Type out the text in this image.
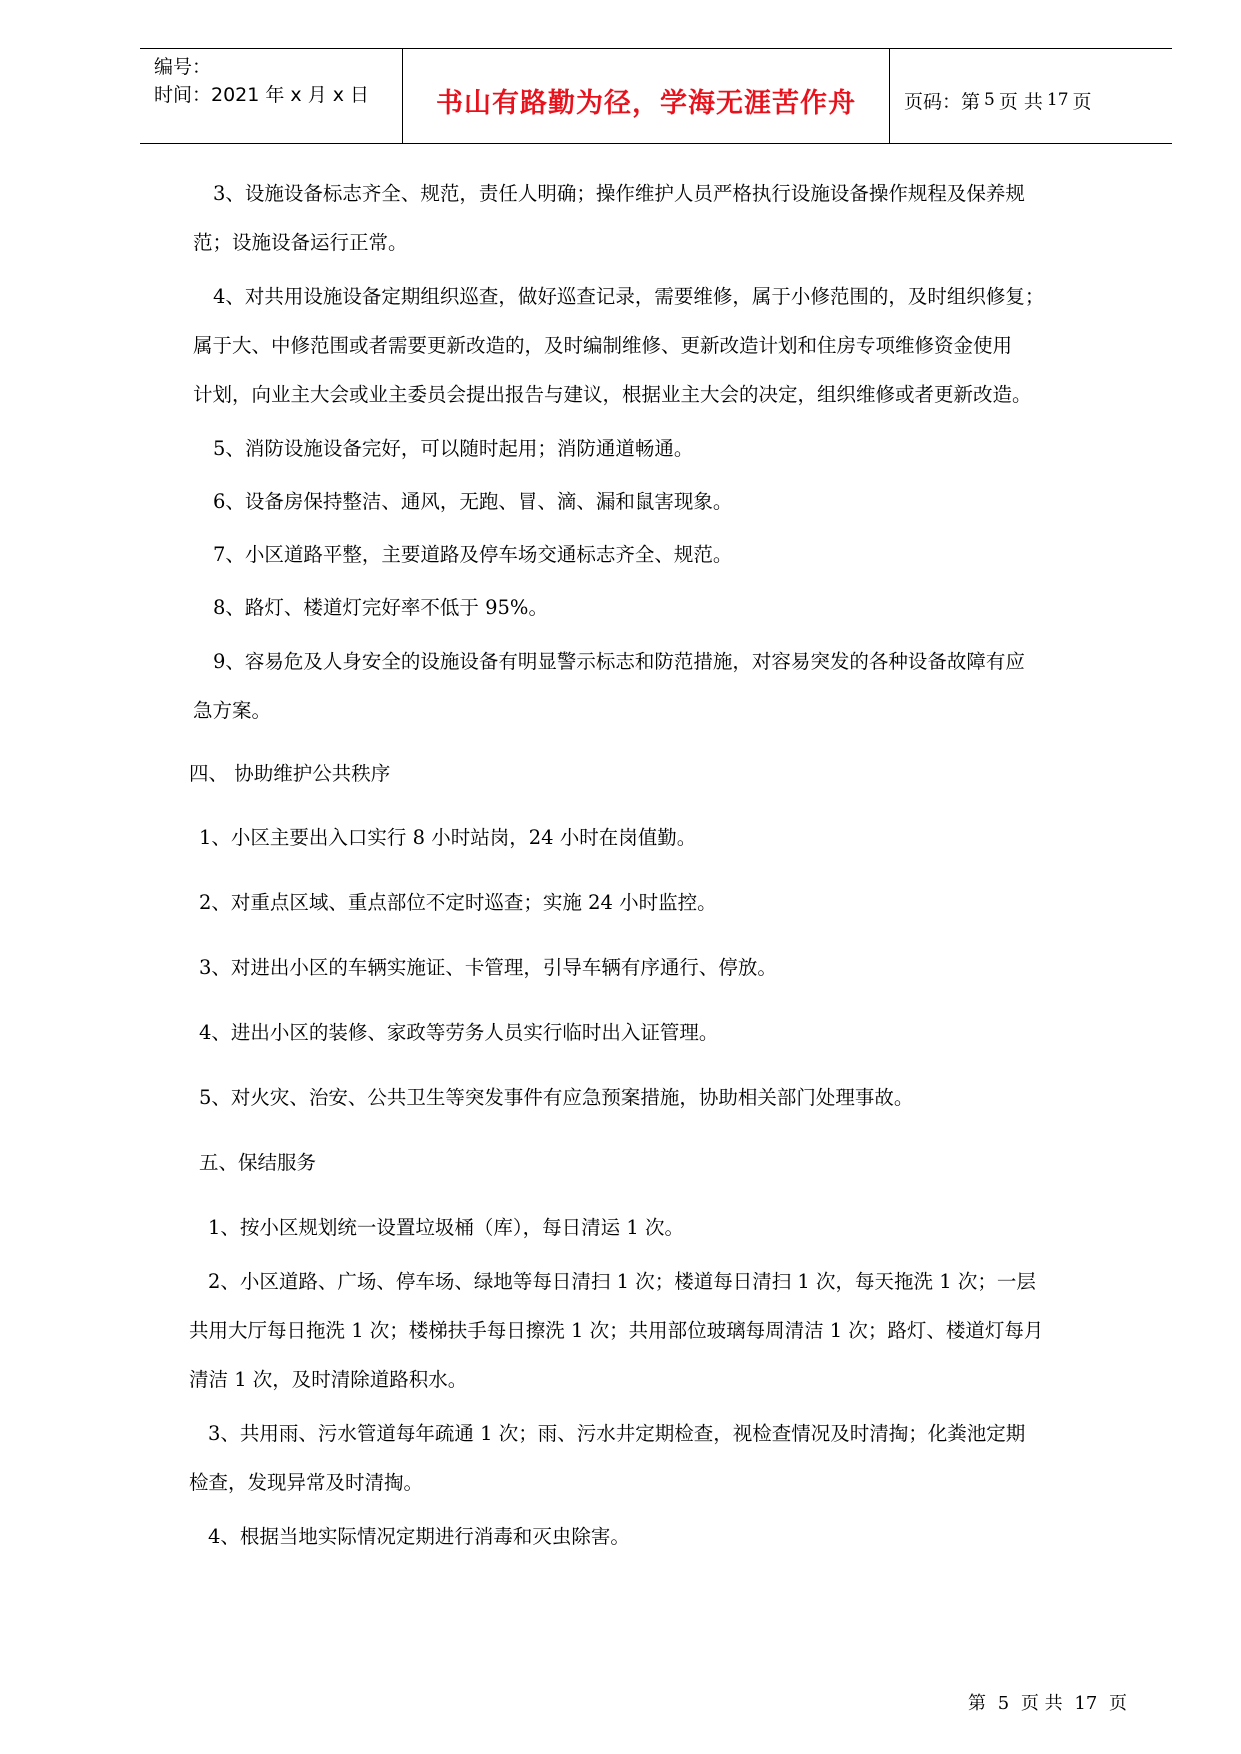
编号：
时间：2021 年 x 月 x 日	书山有路勤为径，学海无涯苦作舟	页码：第 5 页 共 17 页
3、设施设备标志齐全、规范，责任人明确；操作维护人员严格执行设施设备操作规程及保养规
范；设施设备运行正常。
4、对共用设施设备定期组织巡查，做好巡查记录，需要维修，属于小修范围的，及时组织修复；
属于大、中修范围或者需要更新改造的，及时编制维修、更新改造计划和住房专项维修资金使用
计划，向业主大会或业主委员会提出报告与建议，根据业主大会的决定，组织维修或者更新改造。
5、消防设施设备完好，可以随时起用；消防通道畅通。
6、设备房保持整洁、通风，无跑、冒、滴、漏和鼠害现象。
7、小区道路平整，主要道路及停车场交通标志齐全、规范。
8、路灯、楼道灯完好率不低于 95%。
9、容易危及人身安全的设施设备有明显警示标志和防范措施，对容易突发的各种设备故障有应
急方案。
四、 协助维护公共秩序
1、小区主要出入口实行 8 小时站岗，24 小时在岗值勤。
2、对重点区域、重点部位不定时巡查；实施 24 小时监控。
3、对进出小区的车辆实施证、卡管理，引导车辆有序通行、停放。
4、进出小区的装修、家政等劳务人员实行临时出入证管理。
5、对火灾、治安、公共卫生等突发事件有应急预案措施，协助相关部门处理事故。
五、保结服务
1、按小区规划统一设置垃圾桶（库），每日清运 1 次。
2、小区道路、广场、停车场、绿地等每日清扫 1 次；楼道每日清扫 1 次，每天拖洗 1 次；一层
共用大厅每日拖洗 1 次；楼梯扶手每日擦洗 1 次；共用部位玻璃每周清洁 1 次；路灯、楼道灯每月
清洁 1 次，及时清除道路积水。
3、共用雨、污水管道每年疏通 1 次；雨、污水井定期检查，视检查情况及时清掏；化粪池定期
检查，发现异常及时清掏。
4、根据当地实际情况定期进行消毒和灭虫除害。
第 5 页 共 17 页
